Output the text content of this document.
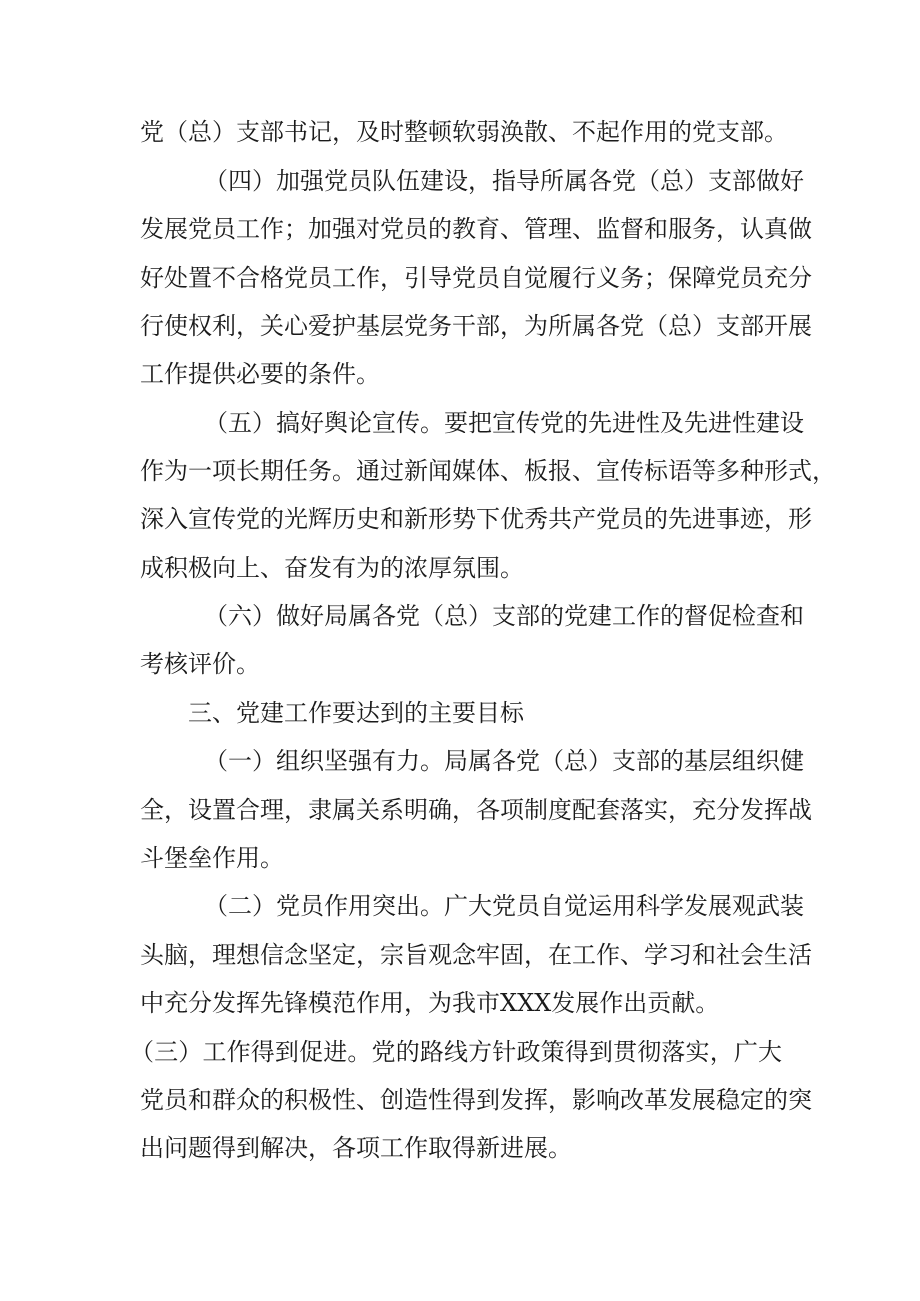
党（总）支部书记，及时整顿软弱涣散、不起作用的党支部。
（四）加强党员队伍建设，指导所属各党（总）支部做好
发展党员工作；加强对党员的教育、管理、监督和服务，认真做
好处置不合格党员工作，引导党员自觉履行义务；保障党员充分
行使权利，关心爱护基层党务干部，为所属各党（总）支部开展
工作提供必要的条件。
（五）搞好舆论宣传。要把宣传党的先进性及先进性建设
作为一项长期任务。通过新闻媒体、板报、宣传标语等多种形式，
深入宣传党的光辉历史和新形势下优秀共产党员的先进事迹，形
成积极向上、奋发有为的浓厚氛围。
（六）做好局属各党（总）支部的党建工作的督促检查和
考核评价。
三、党建工作要达到的主要目标
（一）组织坚强有力。局属各党（总）支部的基层组织健
全，设置合理，隶属关系明确，各项制度配套落实，充分发挥战
斗堡垒作用。
（二）党员作用突出。广大党员自觉运用科学发展观武装
头脑，理想信念坚定，宗旨观念牢固，在工作、学习和社会生活
中充分发挥先锋模范作用，为我市XXX发展作出贡献。
（三）工作得到促进。党的路线方针政策得到贯彻落实，广大
党员和群众的积极性、创造性得到发挥，影响改革发展稳定的突
出问题得到解决，各项工作取得新进展。
